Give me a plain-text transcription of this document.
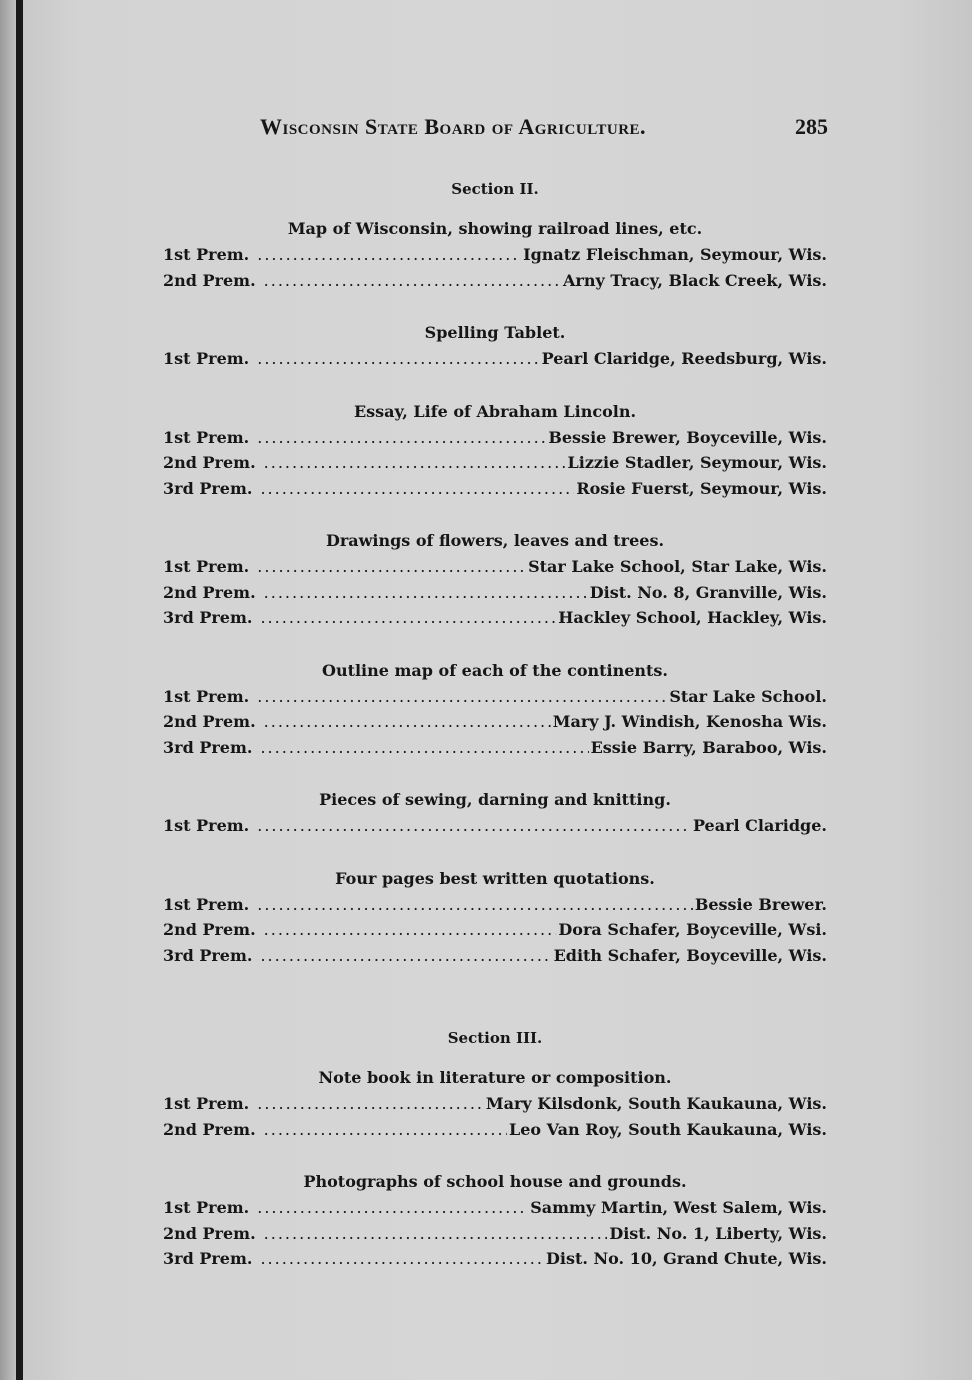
Wisconsin State Board of Agriculture.	285
Section II.
Map of Wisconsin, showing railroad lines, etc.
1st Prem. .....	Ignatz Fleischman, Seymour, Wis.
2nd Prem. .....	Arny Tracy, Black Creek, Wis.
Spelling Tablet.
1st Prem. .....	Pearl Claridge, Reedsburg, Wis.
Essay, Life of Abraham Lincoln.
1st Prem. .....	Bessie Brewer, Boyceville, Wis.
2nd Prem. .....	Lizzie Stadler, Seymour, Wis.
3rd Prem. .....	Rosie Fuerst, Seymour, Wis.
Drawings of flowers, leaves and trees.
1st Prem. .....	Star Lake School, Star Lake, Wis.
2nd Prem. .....	Dist. No. 8, Granville, Wis.
3rd Prem. .....	Hackley School, Hackley, Wis.
Outline map of each of the continents.
1st Prem. .....	Star Lake School.
2nd Prem. .....	Mary J. Windish, Kenosha Wis.
3rd Prem. .....	Essie Barry, Baraboo, Wis.
Pieces of sewing, darning and knitting.
1st Prem. .....	Pearl Claridge.
Four pages best written quotations.
1st Prem. .....	Bessie Brewer.
2nd Prem. .....	Dora Schafer, Boyceville, Wsi.
3rd Prem. .....	Edith Schafer, Boyceville, Wis.
Section III.
Note book in literature or composition.
1st Prem. .....	Mary Kilsdonk, South Kaukauna, Wis.
2nd Prem. .....	Leo Van Roy, South Kaukauna, Wis.
Photographs of school house and grounds.
1st Prem. .....	Sammy Martin, West Salem, Wis.
2nd Prem. .....	Dist. No. 1, Liberty, Wis.
3rd Prem. .....	Dist. No. 10, Grand Chute, Wis.
